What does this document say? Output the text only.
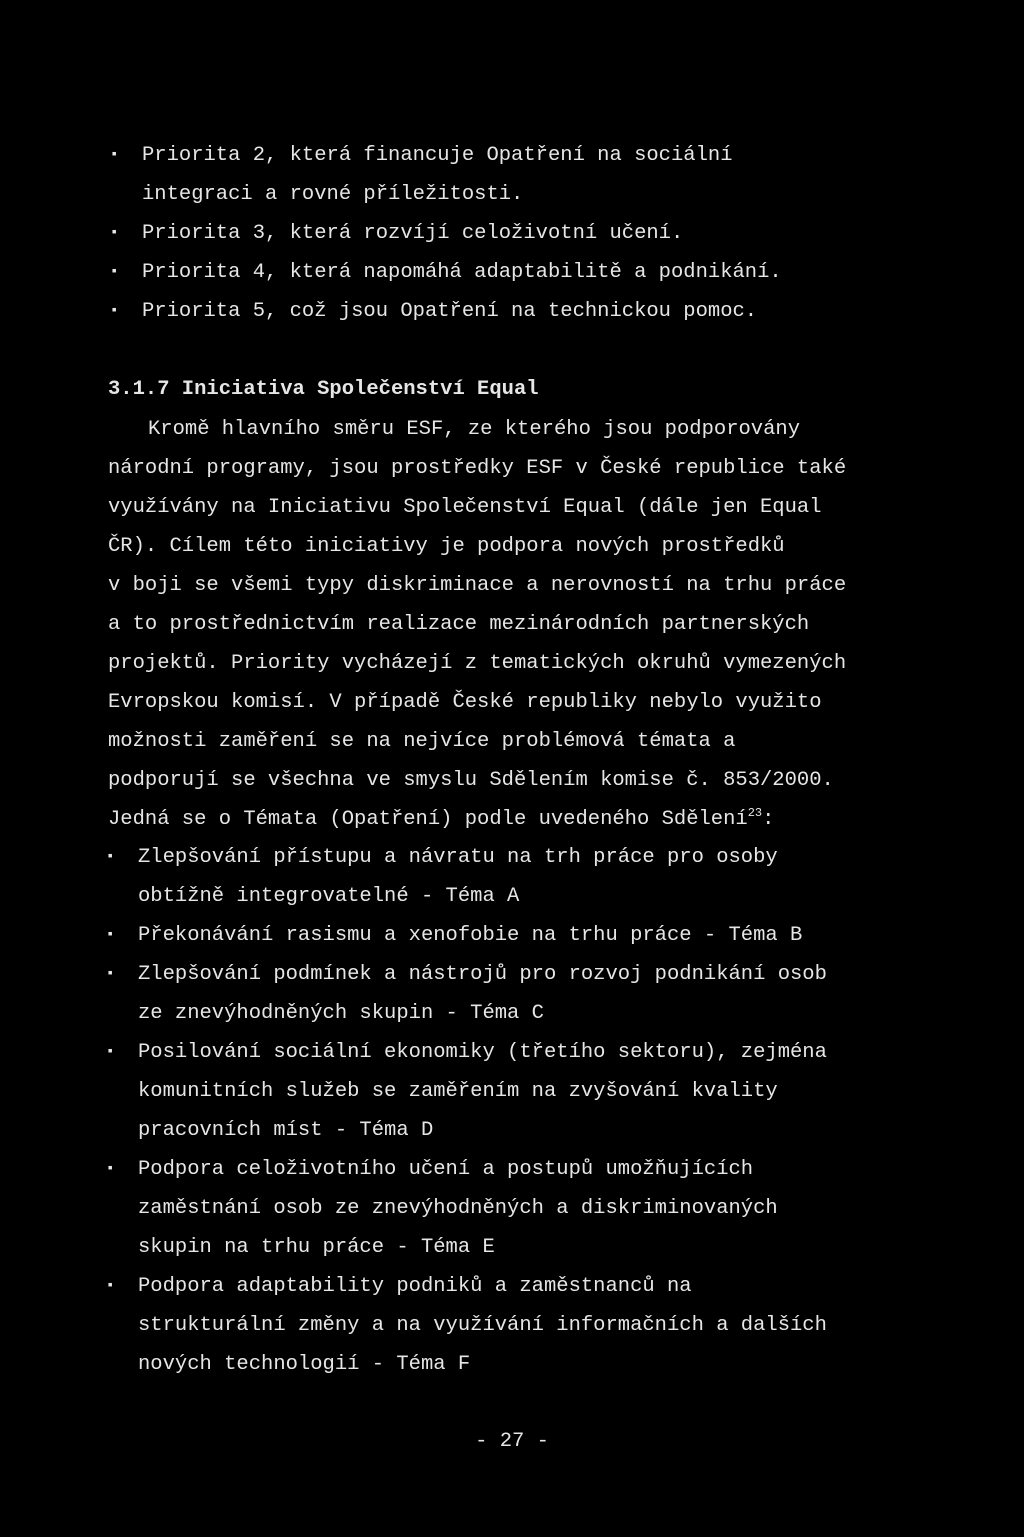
▪ Priorita 2, která financuje Opatření na sociální
integraci a rovné příležitosti.
▪ Priorita 3, která rozvíjí celoživotní učení.
▪ Priorita 4, která napomáhá adaptabilitě a podnikání.
▪ Priorita 5, což jsou Opatření na technickou pomoc.
3.1.7 Iniciativa Společenství Equal
Kromě hlavního směru ESF, ze kterého jsou podporovány
národní programy, jsou prostředky ESF v České republice také
využívány na Iniciativu Společenství Equal (dále jen Equal
ČR). Cílem této iniciativy je podpora nových prostředků
v boji se všemi typy diskriminace a nerovností na trhu práce
a to prostřednictvím realizace mezinárodních partnerských
projektů. Priority vycházejí z tematických okruhů vymezených
Evropskou komisí. V případě České republiky nebylo využito
možnosti zaměření se na nejvíce problémová témata a
podporují se všechna ve smyslu Sdělením komise č. 853/2000.
Jedná se o Témata (Opatření) podle uvedeného Sdělení$^{23}$:
▪ Zlepšování přístupu a návratu na trh práce pro osoby
obtížně integrovatelné - Téma A
▪ Překonávání rasismu a xenofobie na trhu práce - Téma B
▪ Zlepšování podmínek a nástrojů pro rozvoj podnikání osob
ze znevýhodněných skupin - Téma C
▪ Posilování sociální ekonomiky (třetího sektoru), zejména
komunitních služeb se zaměřením na zvyšování kvality
pracovních míst - Téma D
▪ Podpora celoživotního učení a postupů umožňujících
zaměstnání osob ze znevýhodněných a diskriminovaných
skupin na trhu práce - Téma E
▪ Podpora adaptability podniků a zaměstnanců na
strukturální změny a na využívání informačních a dalších
nových technologií - Téma F
- 27 -
